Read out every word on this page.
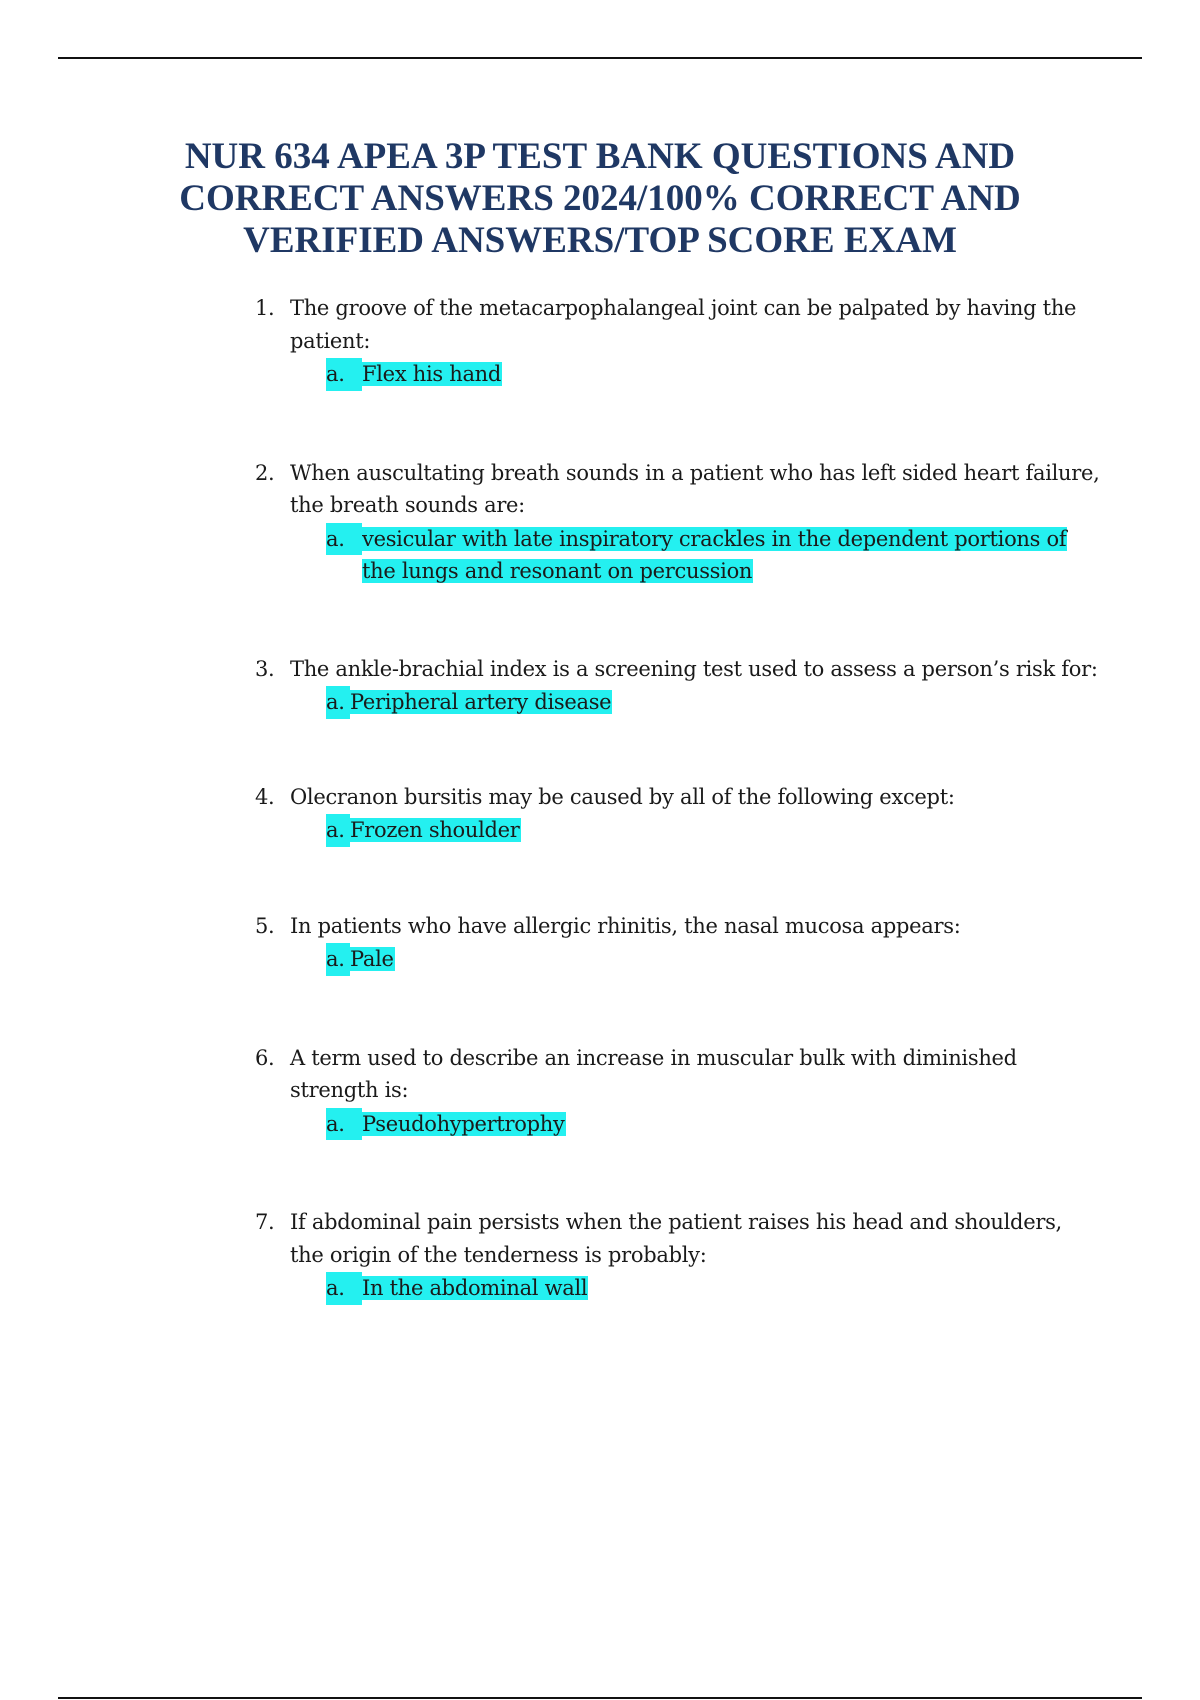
NUR 634 APEA 3P TEST BANK QUESTIONS AND
CORRECT ANSWERS 2024/100% CORRECT AND
VERIFIED ANSWERS/TOP SCORE EXAM
1. The groove of the metacarpophalangeal joint can be palpated by having the patient:
a. Flex his hand
2. When auscultating breath sounds in a patient who has left sided heart failure, the breath sounds are:
a. vesicular with late inspiratory crackles in the dependent portions of the lungs and resonant on percussion
3. The ankle-brachial index is a screening test used to assess a person’s risk for:
a. Peripheral artery disease
4. Olecranon bursitis may be caused by all of the following except:
a. Frozen shoulder
5. In patients who have allergic rhinitis, the nasal mucosa appears:
a. Pale
6. A term used to describe an increase in muscular bulk with diminished strength is:
a. Pseudohypertrophy
7. If abdominal pain persists when the patient raises his head and shoulders, the origin of the tenderness is probably:
a. In the abdominal wall
